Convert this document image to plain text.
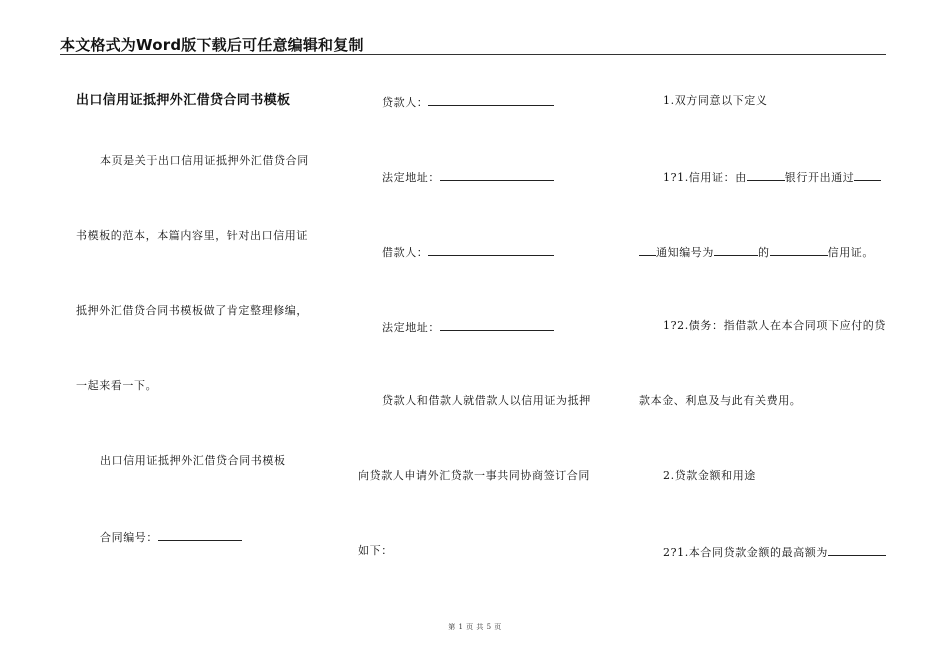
本文格式为Word版下载后可任意编辑和复制
出口信用证抵押外汇借贷合同书模板
本页是关于出口信用证抵押外汇借贷合同
书模板的范本，本篇内容里，针对出口信用证
抵押外汇借贷合同书模板做了肯定整理修编，
一起来看一下。
出口信用证抵押外汇借贷合同书模板
合同编号：
贷款人：
法定地址：
借款人：
法定地址：
贷款人和借款人就借款人以信用证为抵押
向贷款人申请外汇贷款一事共同协商签订合同
如下：
1.双方同意以下定义
1?1.信用证：由	银行开出通过
通知编号为	的	信用证。
1?2.债务：指借款人在本合同项下应付的贷
款本金、利息及与此有关费用。
2.贷款金额和用途
2?1.本合同贷款金额的最高额为
第 1 页 共 5 页
